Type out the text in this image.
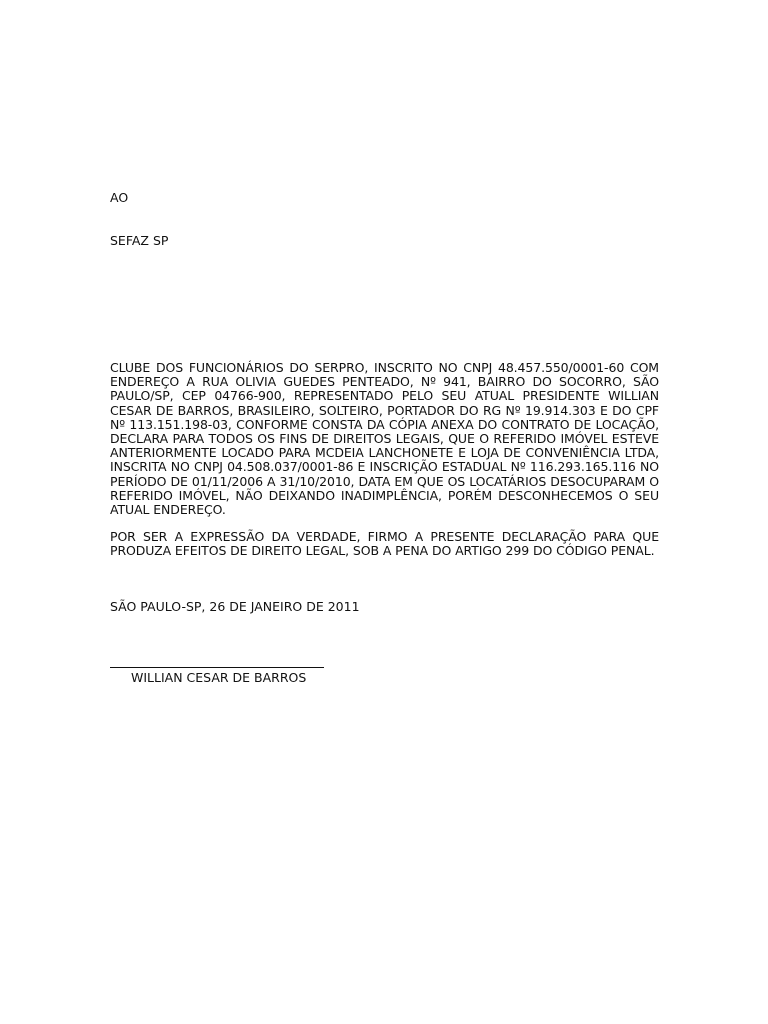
AO

SEFAZ SP

CLUBE DOS FUNCIONÁRIOS DO SERPRO, INSCRITO NO CNPJ 48.457.550/0001-60 COM ENDEREÇO A RUA OLIVIA GUEDES PENTEADO, Nº 941, BAIRRO DO SOCORRO, SÃO PAULO/SP, CEP 04766-900, REPRESENTADO PELO SEU ATUAL PRESIDENTE WILLIAN CESAR DE BARROS, BRASILEIRO, SOLTEIRO, PORTADOR DO RG Nº 19.914.303 E DO CPF Nº 113.151.198-03, CONFORME CONSTA DA CÓPIA ANEXA DO CONTRATO DE LOCAÇÃO, DECLARA PARA TODOS OS FINS DE DIREITOS LEGAIS, QUE O REFERIDO IMÓVEL ESTEVE ANTERIORMENTE LOCADO PARA MCDEIA LANCHONETE E LOJA DE CONVENIÊNCIA LTDA, INSCRITA NO CNPJ 04.508.037/0001-86 E INSCRIÇÃO ESTADUAL Nº 116.293.165.116 NO PERÍODO DE 01/11/2006 A 31/10/2010, DATA EM QUE OS LOCATÁRIOS DESOCUPARAM O REFERIDO IMÓVEL, NÃO DEIXANDO INADIMPLÊNCIA, PORÉM DESCONHECEMOS O SEU ATUAL ENDEREÇO.

POR SER A EXPRESSÃO DA VERDADE, FIRMO A PRESENTE DECLARAÇÃO PARA QUE PRODUZA EFEITOS DE DIREITO LEGAL, SOB A PENA DO ARTIGO 299 DO CÓDIGO PENAL.

SÃO PAULO-SP, 26 DE JANEIRO DE 2011

WILLIAN CESAR DE BARROS
